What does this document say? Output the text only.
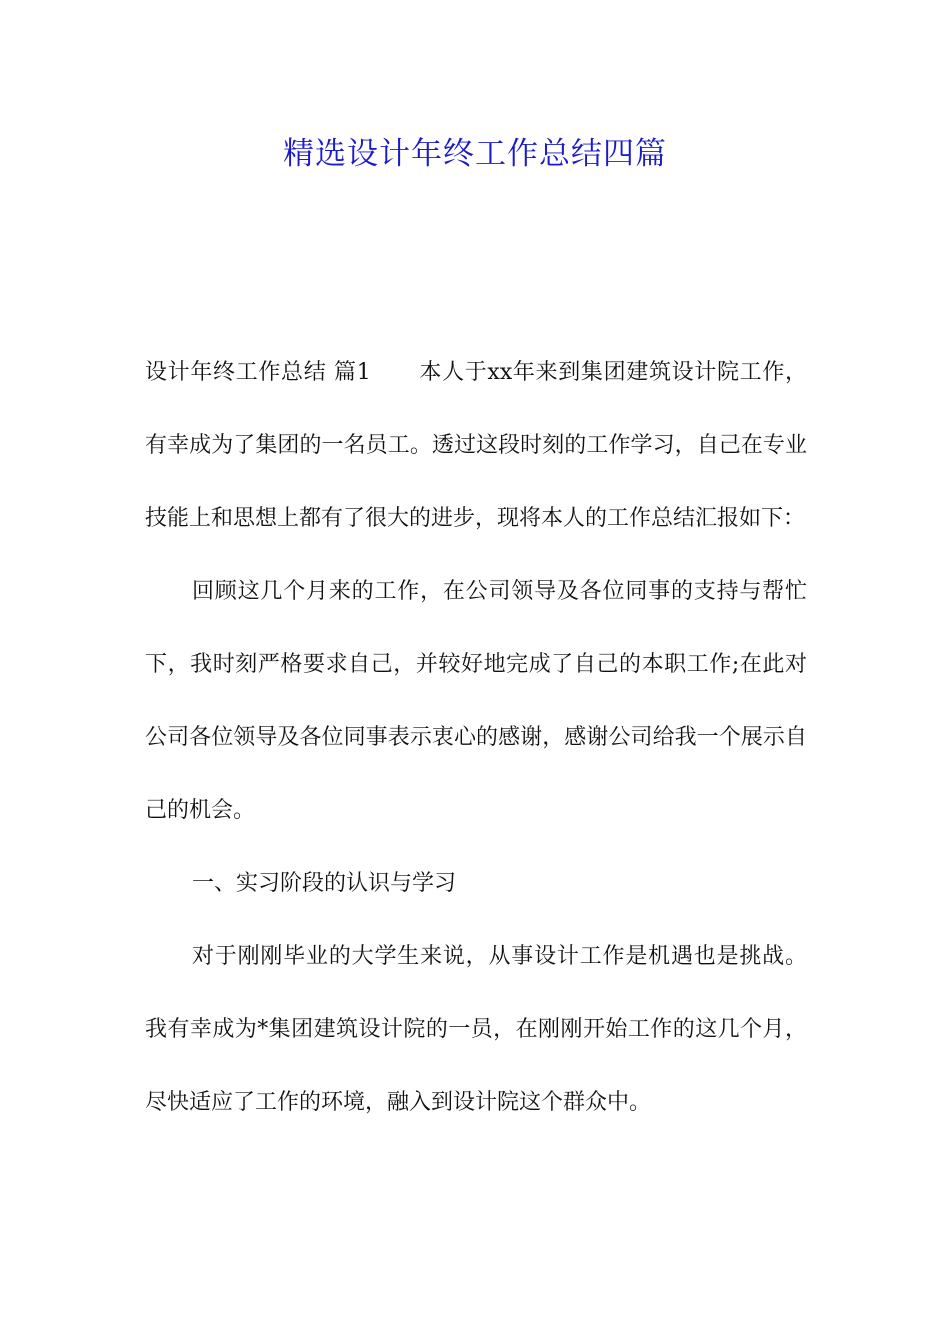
精选设计年终工作总结四篇

设计年终工作总结 篇1 本人于xx年来到集团建筑设计院工作，有幸成为了集团的一名员工。透过这段时刻的工作学习，自己在专业技能上和思想上都有了很大的进步，现将本人的工作总结汇报如下：

回顾这几个月来的工作，在公司领导及各位同事的支持与帮忙下，我时刻严格要求自己，并较好地完成了自己的本职工作;在此对公司各位领导及各位同事表示衷心的感谢，感谢公司给我一个展示自己的机会。

一、实习阶段的认识与学习

对于刚刚毕业的大学生来说，从事设计工作是机遇也是挑战。我有幸成为*集团建筑设计院的一员，在刚刚开始工作的这几个月，尽快适应了工作的环境，融入到设计院这个群众中。
